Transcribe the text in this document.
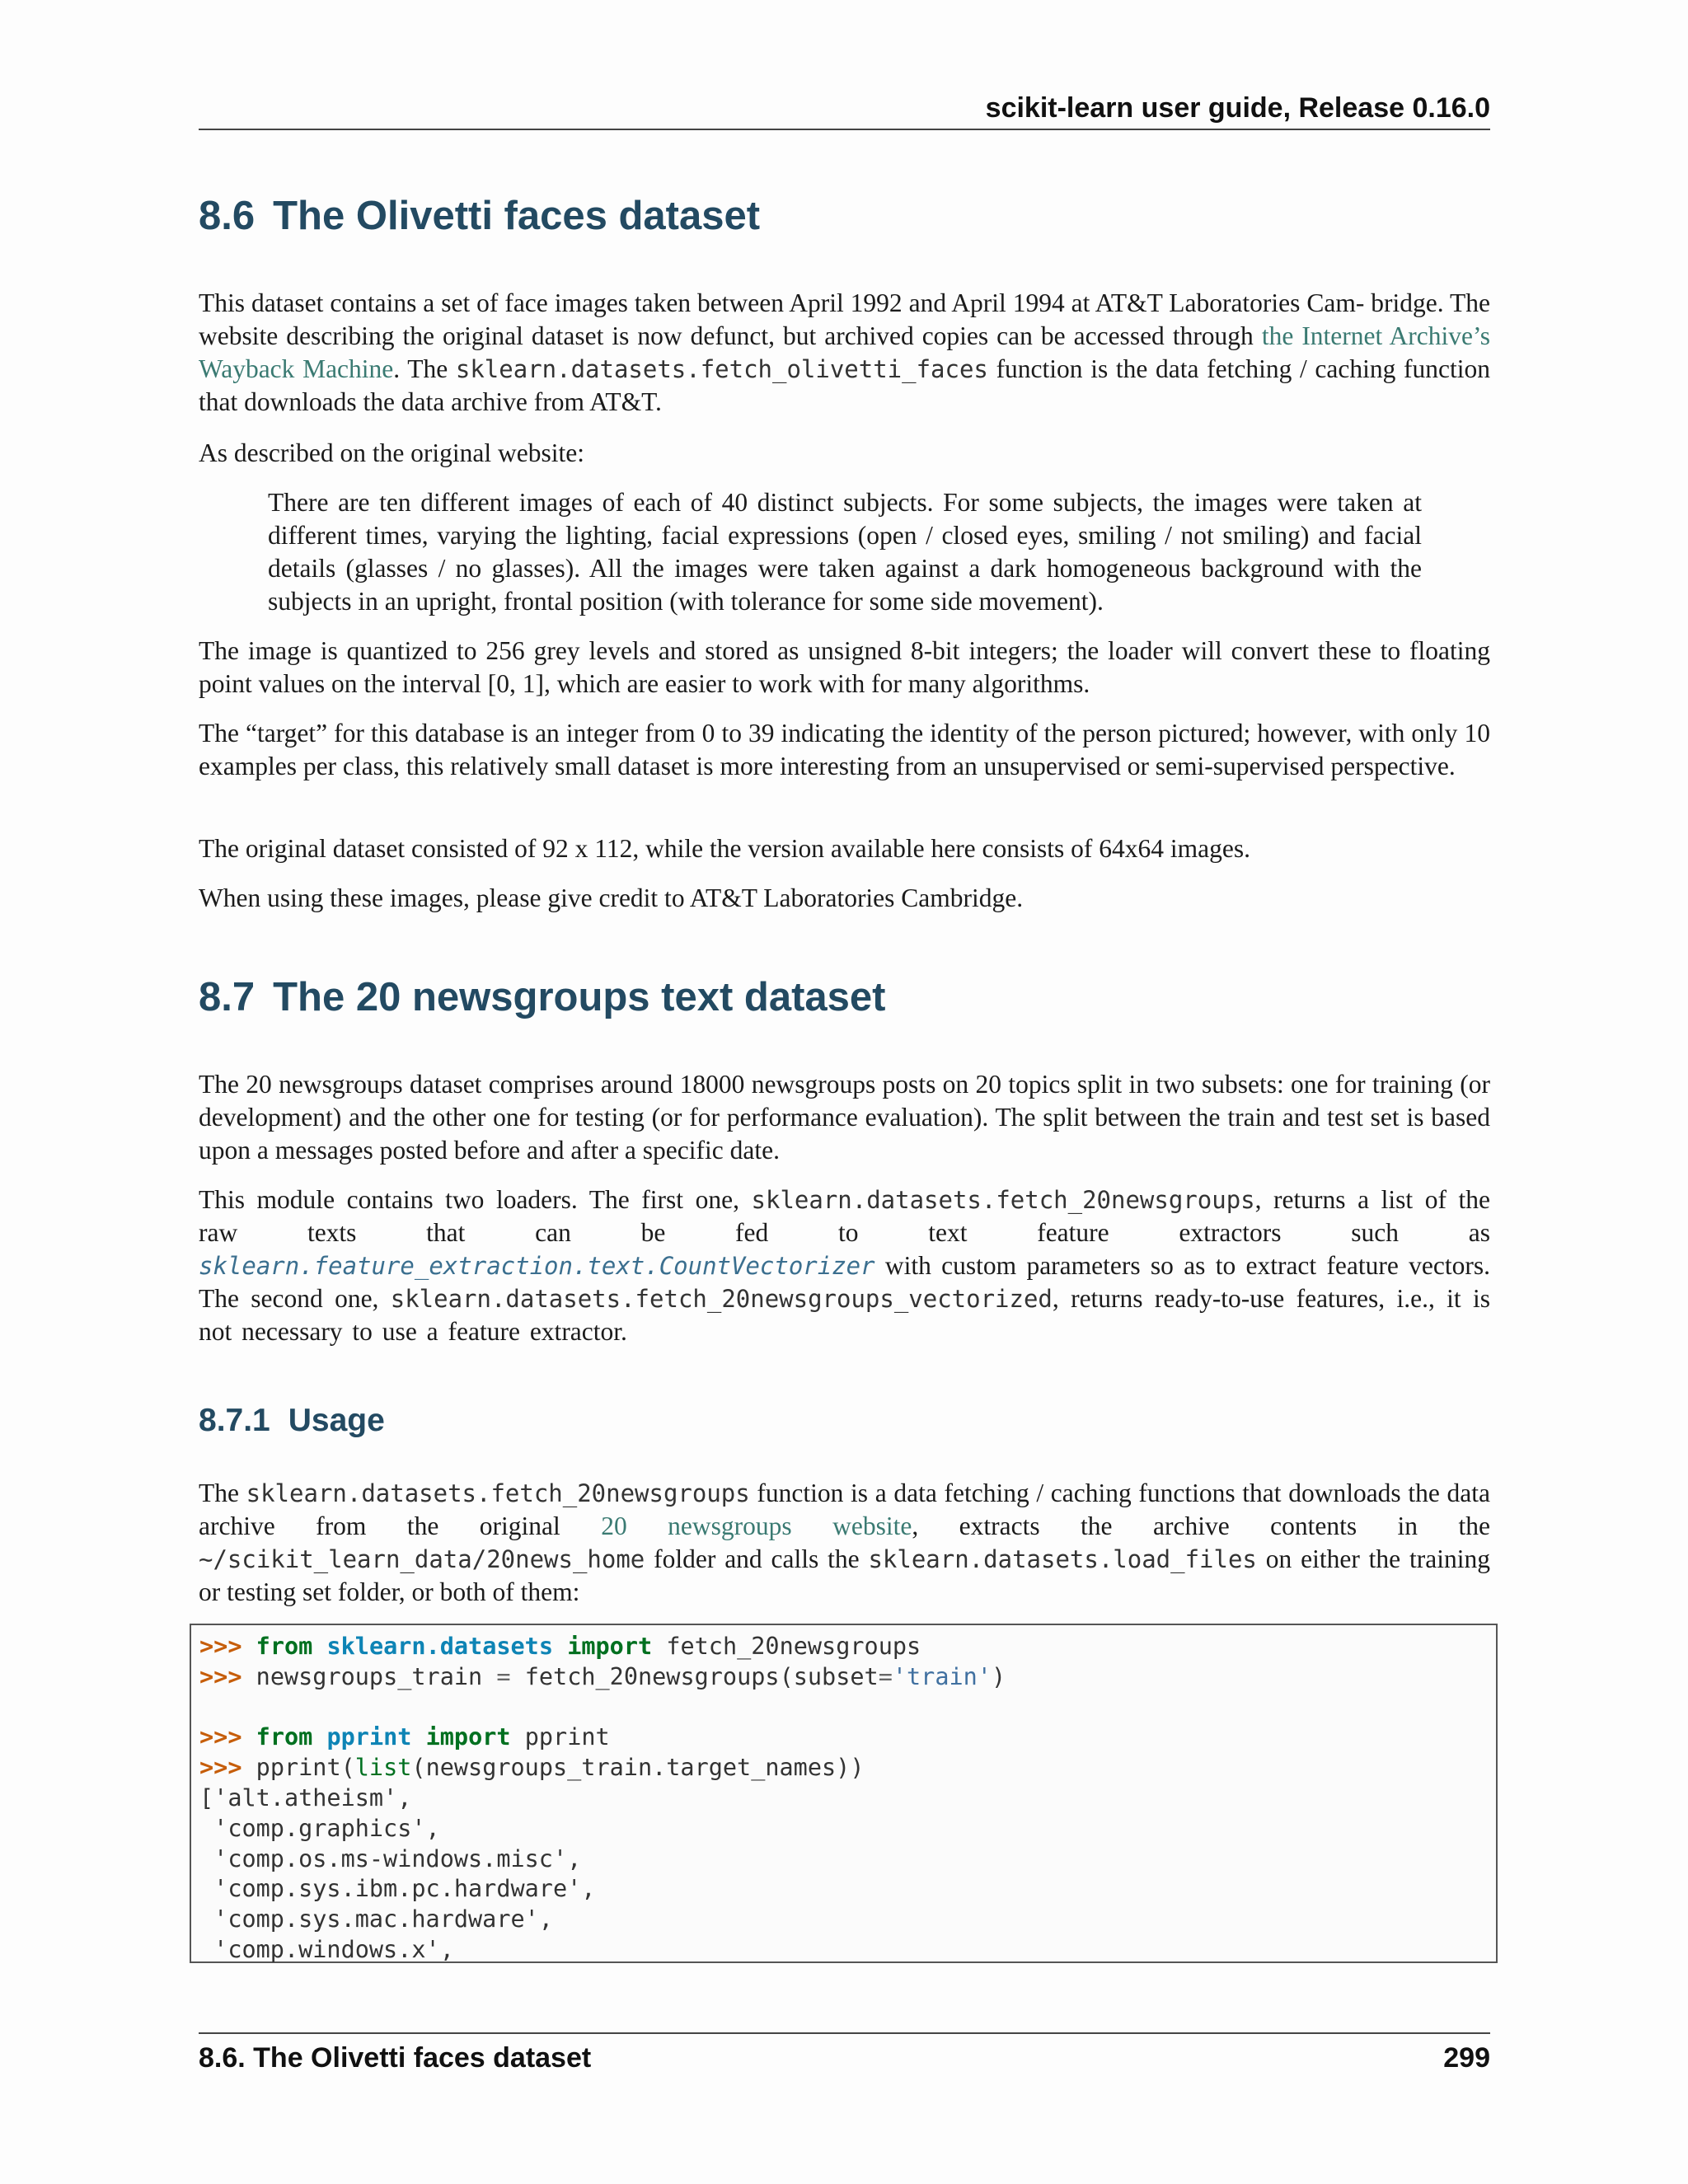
scikit-learn user guide, Release 0.16.0
8.6 The Olivetti faces dataset

This dataset contains a set of face images taken between April 1992 and April 1994 at AT&T Laboratories Cam- bridge. The website describing the original dataset is now defunct, but archived copies can be accessed through the Internet Archive’s Wayback Machine. The sklearn.datasets.fetch_olivetti_faces function is the data fetching / caching function that downloads the data archive from AT&T.

As described on the original website:

There are ten different images of each of 40 distinct subjects. For some subjects, the images were taken at different times, varying the lighting, facial expressions (open / closed eyes, smiling / not smiling) and facial details (glasses / no glasses). All the images were taken against a dark homogeneous background with the subjects in an upright, frontal position (with tolerance for some side movement).

The image is quantized to 256 grey levels and stored as unsigned 8-bit integers; the loader will convert these to floating point values on the interval [0, 1], which are easier to work with for many algorithms.

The “target” for this database is an integer from 0 to 39 indicating the identity of the person pictured; however, with only 10 examples per class, this relatively small dataset is more interesting from an unsupervised or semi-supervised perspective.

The original dataset consisted of 92 x 112, while the version available here consists of 64x64 images.

When using these images, please give credit to AT&T Laboratories Cambridge.

8.7 The 20 newsgroups text dataset

The 20 newsgroups dataset comprises around 18000 newsgroups posts on 20 topics split in two subsets: one for training (or development) and the other one for testing (or for performance evaluation). The split between the train and test set is based upon a messages posted before and after a specific date.

This module contains two loaders. The first one, sklearn.datasets.fetch_20newsgroups, returns a list of the raw texts that can be fed to text feature extractors such as sklearn.feature_extraction.text.CountVectorizer with custom parameters so as to extract feature vectors. The second one, sklearn.datasets.fetch_20newsgroups_vectorized, returns ready-to-use features, i.e., it is not necessary to use a feature extractor.

8.7.1 Usage

The sklearn.datasets.fetch_20newsgroups function is a data fetching / caching functions that downloads the data archive from the original 20 newsgroups website, extracts the archive contents in the ~/scikit_learn_data/20news_home folder and calls the sklearn.datasets.load_files on either the training or testing set folder, or both of them:

>>> from sklearn.datasets import fetch_20newsgroups
>>> newsgroups_train = fetch_20newsgroups(subset='train')
>>> from pprint import pprint
>>> pprint(list(newsgroups_train.target_names))
['alt.atheism',
'comp.graphics',
'comp.os.ms-windows.misc',
'comp.sys.ibm.pc.hardware',
'comp.sys.mac.hardware',
'comp.windows.x',
8.6. The Olivetti faces dataset	299
